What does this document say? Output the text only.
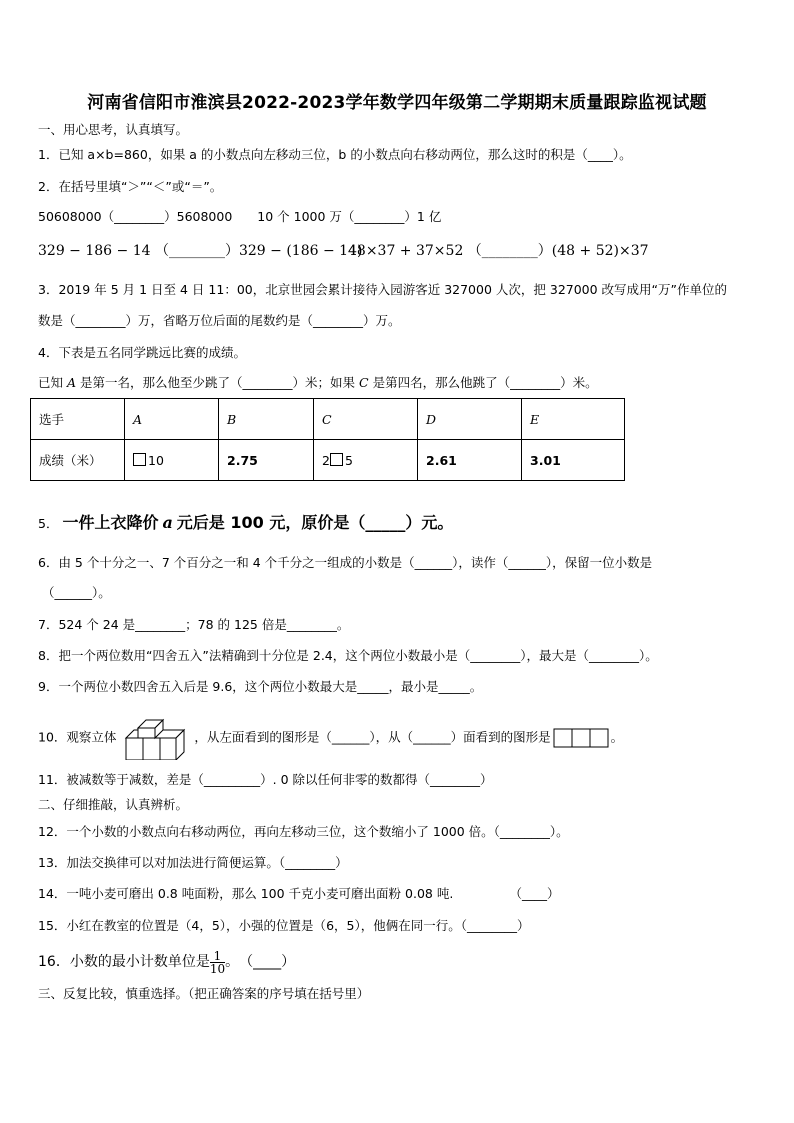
河南省信阳市淮滨县2022-2023学年数学四年级第二学期期末质量跟踪监视试题
一、用心思考，认真填写。
1．已知 a×b=860，如果 a 的小数点向左移动三位，b 的小数点向右移动两位，那么这时的积是（____）。
2．在括号里填“＞”“＜”或“＝”。
50608000（________）5608000　　10 个 1000 万（________）1 亿
329 − 186 − 14 （________）329 − (186 − 14)
48×37 + 37×52 （________）(48 + 52)×37
3．2019 年 5 月 1 日至 4 日 11：00，北京世园会累计接待入园游客近 327000 人次，把 327000 改写成用“万”作单位的
数是（________）万，省略万位后面的尾数约是（________）万。
4．下表是五名同学跳远比赛的成绩。
已知 A 是第一名，那么他至少跳了（________）米；如果 C 是第四名，那么他跳了（________）米。
选手	A	B	C	D	E
成绩（米）	10	2.75	2 5	2.61	3.01
5． 一件上衣降价 a 元后是 100 元，原价是（_____）元。
6．由 5 个十分之一、7 个百分之一和 4 个千分之一组成的小数是（______），读作（______），保留一位小数是
（______）。
7．524 个 24 是________；78 的 125 倍是________。
8．把一个两位数用“四舍五入”法精确到十分位是 2.4，这个两位小数最小是（________），最大是（________）。
9．一个两位小数四舍五入后是 9.6，这个两位小数最大是_____，最小是_____。
10．观察立体	，从左面看到的图形是（______），从（______）面看到的图形是	。
11．被减数等于减数，差是（_________）. 0 除以任何非零的数都得（________）
二、仔细推敲，认真辨析。
12．一个小数的小数点向右移动两位，再向左移动三位，这个数缩小了 1000 倍。（________）。
13．加法交换律可以对加法进行简便运算。（________）
14．一吨小麦可磨出 0.8 吨面粉，那么 100 千克小麦可磨出面粉 0.08 吨.　　　　　（____）
15．小红在教室的位置是（4，5），小强的位置是（6，5），他俩在同一行。（________）
16．小数的最小计数单位是 $\frac{1}{10}$ 。　（____）
三、反复比较，慎重选择。（把正确答案的序号填在括号里）
